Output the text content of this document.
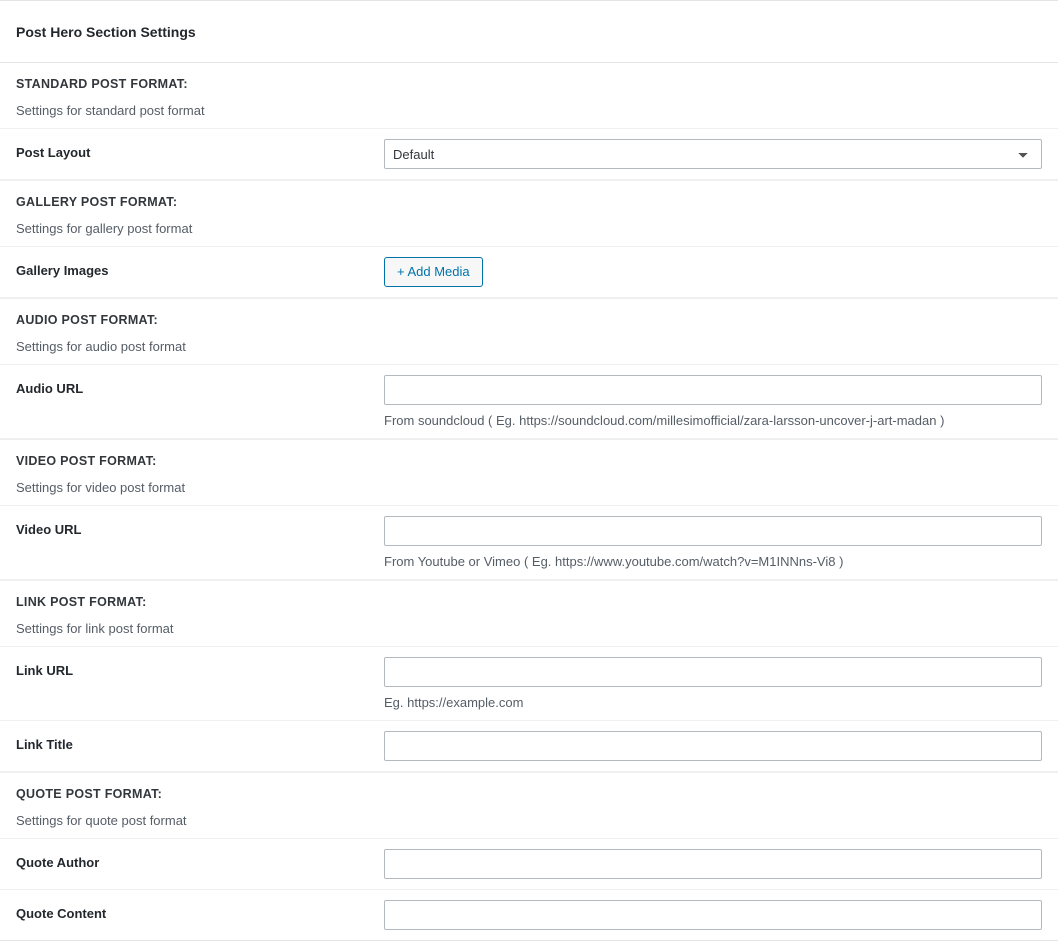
Post Hero Section Settings
STANDARD POST FORMAT:
Settings for standard post format
Post Layout
Default
GALLERY POST FORMAT:
Settings for gallery post format
Gallery Images	+ Add Media
AUDIO POST FORMAT:
Settings for audio post format
Audio URL
From soundcloud ( Eg. https://soundcloud.com/millesimofficial/zara-larsson-uncover-j-art-madan )
VIDEO POST FORMAT:
Settings for video post format
Video URL
From Youtube or Vimeo ( Eg. https://www.youtube.com/watch?v=M1INNns-Vi8 )
LINK POST FORMAT:
Settings for link post format
Link URL
Eg. https://example.com
Link Title
QUOTE POST FORMAT:
Settings for quote post format
Quote Author
Quote Content
